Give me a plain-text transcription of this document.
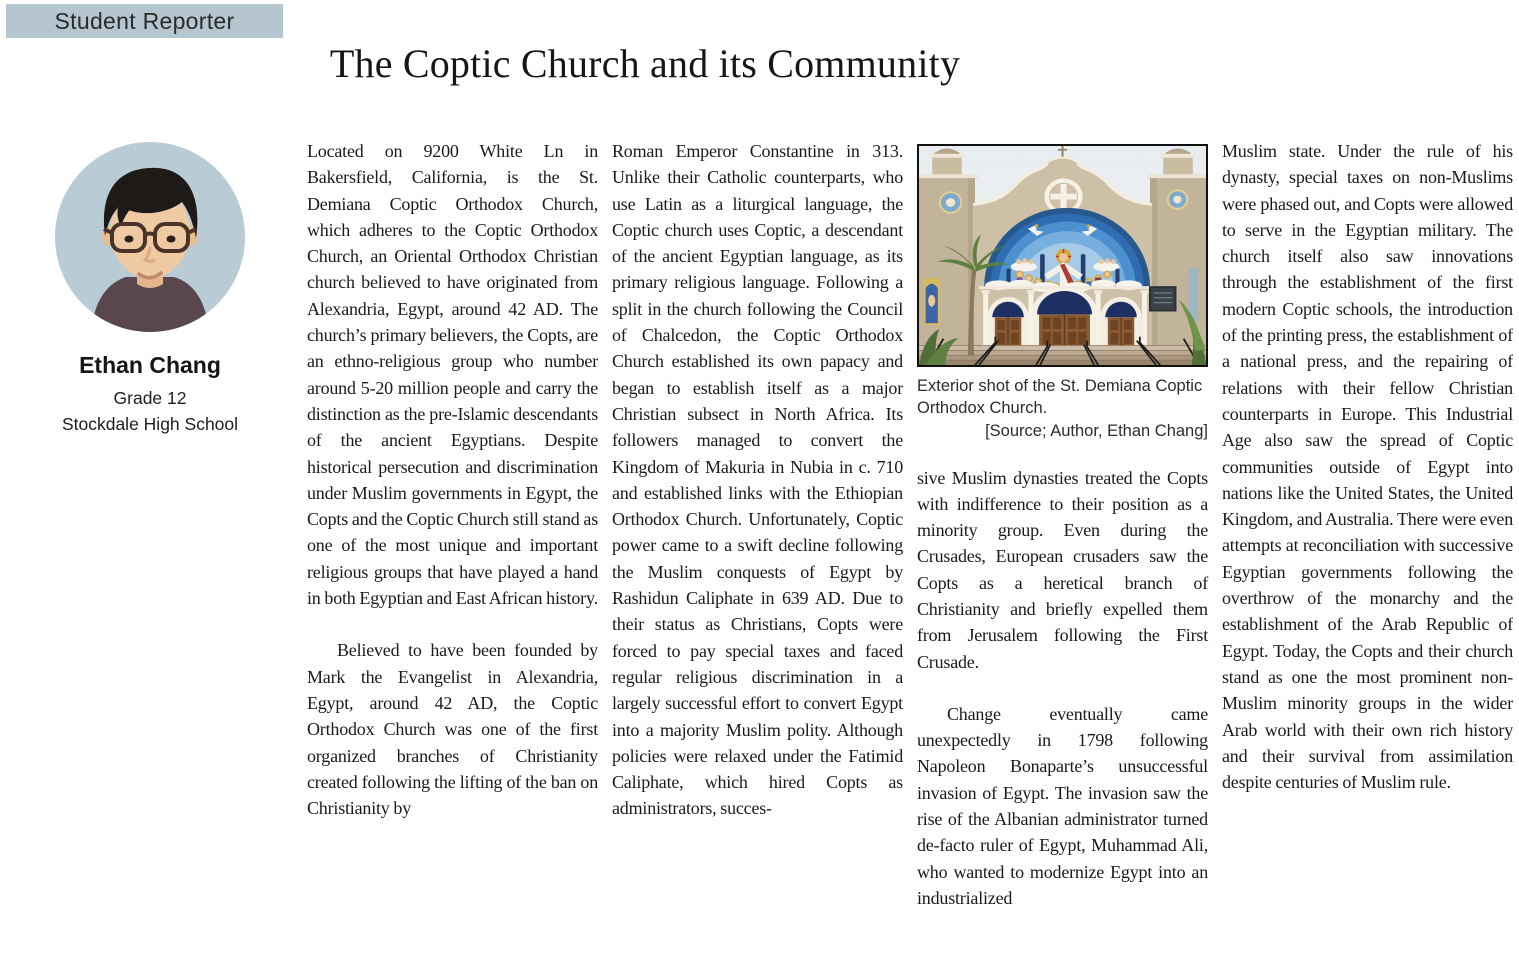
Student Reporter
The Coptic Church and its Community
Ethan Chang
Grade 12
Stockdale High School

Located on 9200 White Ln in Bakersfield, California, is the St. Demiana Coptic Orthodox Church, which adheres to the Coptic Orthodox Church, an Oriental Orthodox Christian church believed to have originated from Alexandria, Egypt, around 42 AD. The church’s primary believers, the Copts, are an ethno-religious group who number around 5-20 million people and carry the distinction as the pre-Islamic descendants of the ancient Egyptians. Despite historical persecution and discrimination under Muslim governments in Egypt, the Copts and the Coptic Church still stand as one of the most unique and important religious groups that have played a hand in both Egyptian and East African history.

Believed to have been founded by Mark the Evangelist in Alexandria, Egypt, around 42 AD, the Coptic Orthodox Church was one of the first organized branches of Christianity created following the lifting of the ban on Christianity by

Roman Emperor Constantine in 313. Unlike their Catholic counterparts, who use Latin as a liturgical language, the Coptic church uses Coptic, a descendant of the ancient Egyptian language, as its primary religious language. Following a split in the church following the Council of Chalcedon, the Coptic Orthodox Church established its own papacy and began to establish itself as a major Christian subsect in North Africa. Its followers managed to convert the Kingdom of Makuria in Nubia in c. 710 and established links with the Ethiopian Orthodox Church. Unfortunately, Coptic power came to a swift decline following the Muslim conquests of Egypt by Rashidun Caliphate in 639 AD. Due to their status as Christians, Copts were forced to pay special taxes and faced regular religious discrimination in a largely successful effort to convert Egypt into a majority Muslim polity. Although policies were relaxed under the Fatimid Caliphate, which hired Copts as administrators, succes-

Exterior shot of the St. Demiana Coptic Orthodox Church.
[Source; Author, Ethan Chang]

sive Muslim dynasties treated the Copts with indifference to their position as a minority group. Even during the Crusades, European crusaders saw the Copts as a heretical branch of Christianity and briefly expelled them from Jerusalem following the First Crusade.

Change eventually came unexpectedly in 1798 following Napoleon Bonaparte’s unsuccessful invasion of Egypt. The invasion saw the rise of the Albanian administrator turned de-facto ruler of Egypt, Muhammad Ali, who wanted to modernize Egypt into an industrialized

Muslim state. Under the rule of his dynasty, special taxes on non-Muslims were phased out, and Copts were allowed to serve in the Egyptian military. The church itself also saw innovations through the establishment of the first modern Coptic schools, the introduction of the printing press, the establishment of a national press, and the repairing of relations with their fellow Christian counterparts in Europe. This Industrial Age also saw the spread of Coptic communities outside of Egypt into nations like the United States, the United Kingdom, and Australia. There were even attempts at reconciliation with successive Egyptian governments following the overthrow of the monarchy and the establishment of the Arab Republic of Egypt. Today, the Copts and their church stand as one the most prominent non-Muslim minority groups in the wider Arab world with their own rich history and their survival from assimilation despite centuries of Muslim rule.
